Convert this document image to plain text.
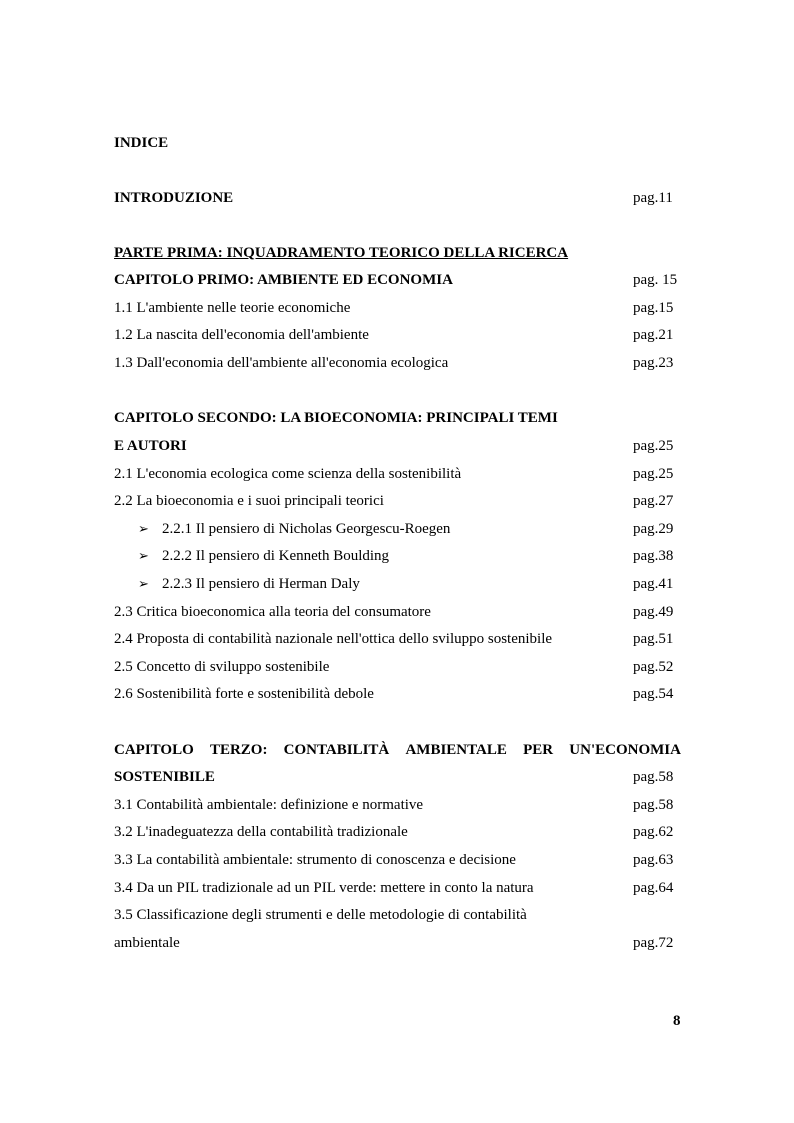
INDICE
INTRODUZIONE	pag.11
PARTE PRIMA: INQUADRAMENTO TEORICO DELLA RICERCA
CAPITOLO PRIMO: AMBIENTE ED ECONOMIA	pag. 15
1.1 L'ambiente nelle teorie economiche	pag.15
1.2 La nascita dell'economia dell'ambiente	pag.21
1.3 Dall'economia dell'ambiente all'economia ecologica	pag.23
CAPITOLO SECONDO: LA BIOECONOMIA: PRINCIPALI TEMI
E AUTORI	pag.25
2.1 L'economia ecologica come scienza della sostenibilità	pag.25
2.2 La bioeconomia e i suoi principali teorici	pag.27
➢ 2.2.1 Il pensiero di Nicholas Georgescu-Roegen	pag.29
➢ 2.2.2 Il pensiero di Kenneth Boulding	pag.38
➢ 2.2.3 Il pensiero di Herman Daly	pag.41
2.3 Critica bioeconomica alla teoria del consumatore	pag.49
2.4 Proposta di contabilità nazionale nell'ottica dello sviluppo sostenibile	pag.51
2.5 Concetto di sviluppo sostenibile	pag.52
2.6 Sostenibilità forte e sostenibilità debole	pag.54
CAPITOLO TERZO: CONTABILITÀ AMBIENTALE PER UN'ECONOMIA
SOSTENIBILE	pag.58
3.1 Contabilità ambientale: definizione e normative	pag.58
3.2 L'inadeguatezza della contabilità tradizionale	pag.62
3.3 La contabilità ambientale: strumento di conoscenza e decisione	pag.63
3.4 Da un PIL tradizionale ad un PIL verde: mettere in conto la natura	pag.64
3.5 Classificazione degli strumenti e delle metodologie di contabilità
ambientale	pag.72
8
